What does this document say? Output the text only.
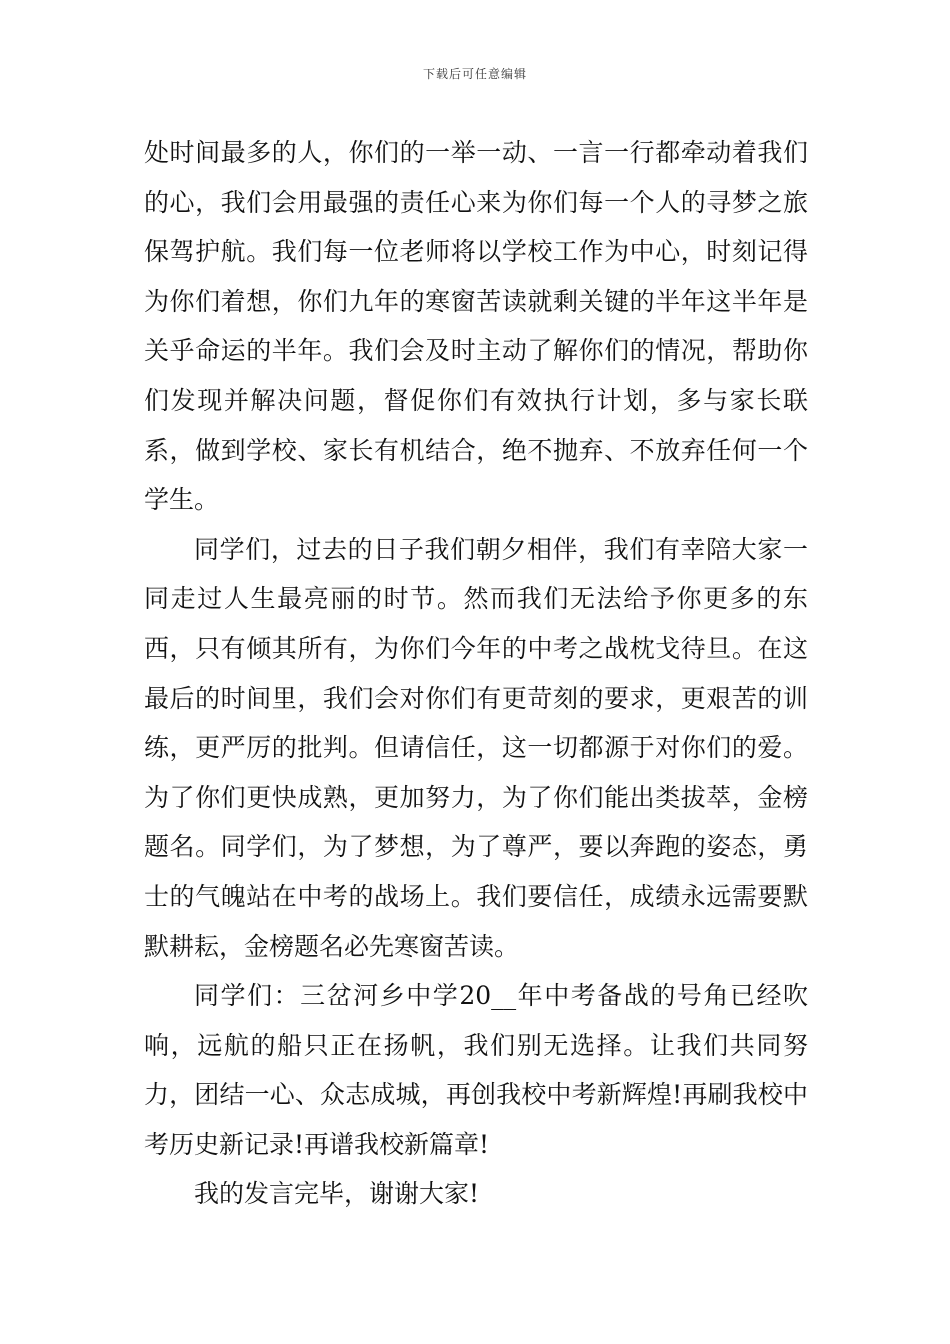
下载后可任意编辑

处时间最多的人，你们的一举一动、一言一行都牵动着我们的心，我们会用最强的责任心来为你们每一个人的寻梦之旅保驾护航。我们每一位老师将以学校工作为中心，时刻记得为你们着想，你们九年的寒窗苦读就剩关键的半年这半年是关乎命运的半年。我们会及时主动了解你们的情况，帮助你们发现并解决问题，督促你们有效执行计划，多与家长联系，做到学校、家长有机结合，绝不抛弃、不放弃任何一个学生。

同学们，过去的日子我们朝夕相伴，我们有幸陪大家一同走过人生最亮丽的时节。然而我们无法给予你更多的东西，只有倾其所有，为你们今年的中考之战枕戈待旦。在这最后的时间里，我们会对你们有更苛刻的要求，更艰苦的训练，更严厉的批判。但请信任，这一切都源于对你们的爱。为了你们更快成熟，更加努力，为了你们能出类拔萃，金榜题名。同学们，为了梦想，为了尊严，要以奔跑的姿态，勇士的气魄站在中考的战场上。我们要信任，成绩永远需要默默耕耘，金榜题名必先寒窗苦读。

同学们：三岔河乡中学20__年中考备战的号角已经吹响，远航的船只正在扬帆，我们别无选择。让我们共同努力，团结一心、众志成城，再创我校中考新辉煌!再刷我校中考历史新记录!再谱我校新篇章!

我的发言完毕，谢谢大家!
